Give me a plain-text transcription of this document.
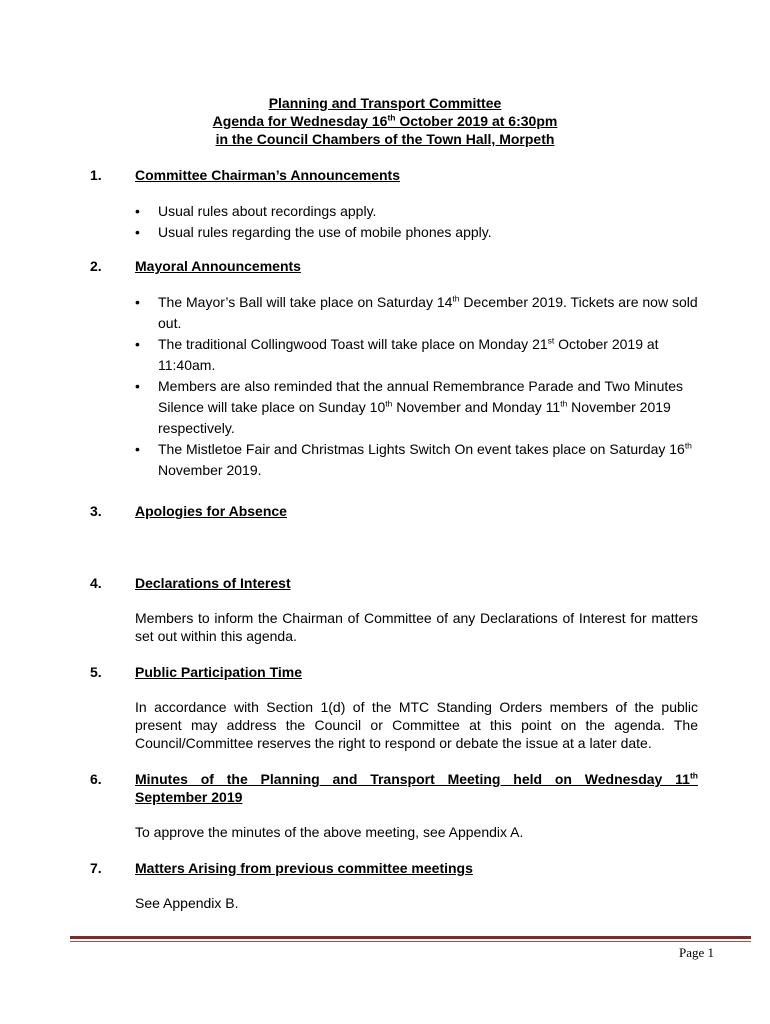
Planning and Transport Committee
Agenda for Wednesday 16th October 2019 at 6:30pm
in the Council Chambers of the Town Hall, Morpeth
1. Committee Chairman’s Announcements
• Usual rules about recordings apply.
• Usual rules regarding the use of mobile phones apply.
2. Mayoral Announcements
• The Mayor’s Ball will take place on Saturday 14th December 2019. Tickets are now sold out.
• The traditional Collingwood Toast will take place on Monday 21st October 2019 at 11:40am.
• Members are also reminded that the annual Remembrance Parade and Two Minutes Silence will take place on Sunday 10th November and Monday 11th November 2019 respectively.
• The Mistletoe Fair and Christmas Lights Switch On event takes place on Saturday 16th November 2019.
3. Apologies for Absence
4. Declarations of Interest
Members to inform the Chairman of Committee of any Declarations of Interest for matters set out within this agenda.
5. Public Participation Time
In accordance with Section 1(d) of the MTC Standing Orders members of the public present may address the Council or Committee at this point on the agenda. The Council/Committee reserves the right to respond or debate the issue at a later date.
6. Minutes of the Planning and Transport Meeting held on Wednesday 11th
September 2019
To approve the minutes of the above meeting, see Appendix A.
7. Matters Arising from previous committee meetings
See Appendix B.
Page 1
